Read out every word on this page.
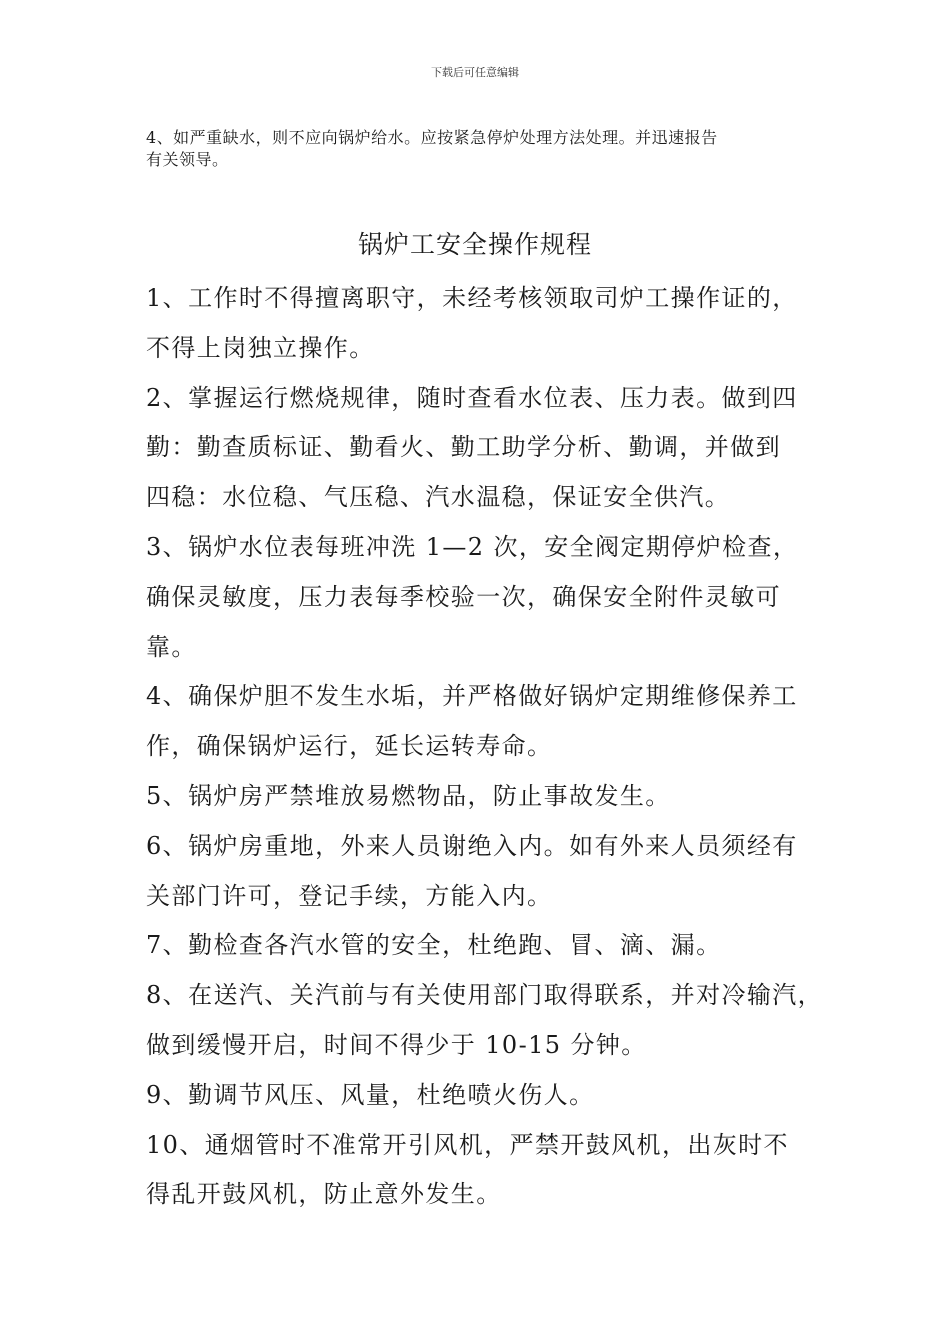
下载后可任意编辑
4、如严重缺水，则不应向锅炉给水。应按紧急停炉处理方法处理。并迅速报告
有关领导。
锅炉工安全操作规程
1、工作时不得擅离职守，未经考核领取司炉工操作证的，
不得上岗独立操作。
2、掌握运行燃烧规律，随时查看水位表、压力表。做到四
勤：勤查质标证、勤看火、勤工助学分析、勤调，并做到
四稳：水位稳、气压稳、汽水温稳，保证安全供汽。
3、锅炉水位表每班冲洗 1—2 次，安全阀定期停炉检查，
确保灵敏度，压力表每季校验一次，确保安全附件灵敏可
靠。
4、确保炉胆不发生水垢，并严格做好锅炉定期维修保养工
作，确保锅炉运行，延长运转寿命。
5、锅炉房严禁堆放易燃物品，防止事故发生。
6、锅炉房重地，外来人员谢绝入内。如有外来人员须经有
关部门许可，登记手续，方能入内。
7、勤检查各汽水管的安全，杜绝跑、冒、滴、漏。
8、在送汽、关汽前与有关使用部门取得联系，并对冷输汽，
做到缓慢开启，时间不得少于 10-15 分钟。
9、勤调节风压、风量，杜绝喷火伤人。
10、通烟管时不准常开引风机，严禁开鼓风机，出灰时不
得乱开鼓风机，防止意外发生。
